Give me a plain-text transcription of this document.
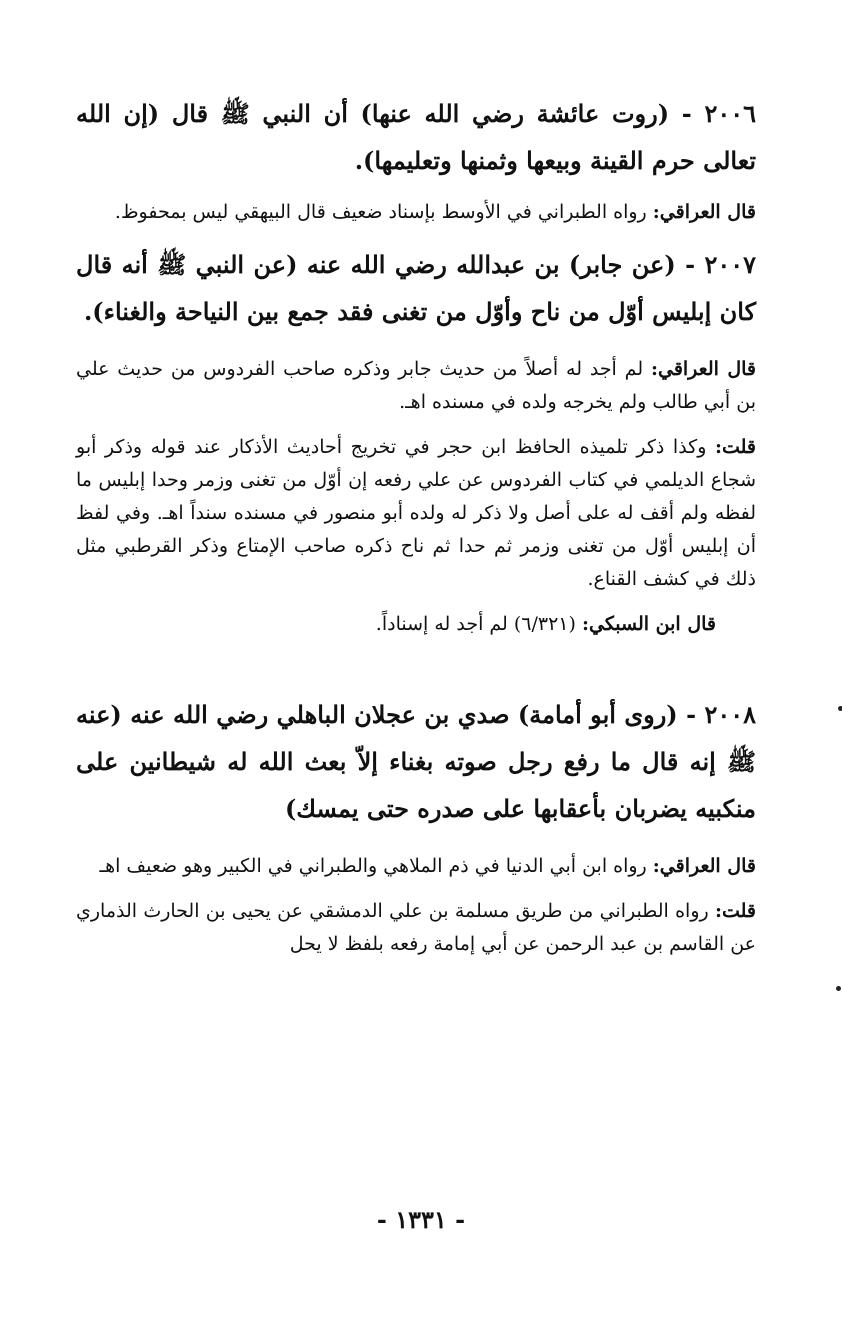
٢٠٠٦ - (روت عائشة رضي الله عنها) أن النبي ﷺ قال (إن الله تعالى حرم القينة وبيعها وثمنها وتعليمها).

قال العراقي: رواه الطبراني في الأوسط بإسناد ضعيف قال البيهقي ليس بمحفوظ.

٢٠٠٧ - (عن جابر) بن عبدالله رضي الله عنه (عن النبي ﷺ أنه قال كان إبليس أوّل من ناح وأوّل من تغنى فقد جمع بين النياحة والغناء).

قال العراقي: لم أجد له أصلاً من حديث جابر وذكره صاحب الفردوس من حديث علي بن أبي طالب ولم يخرجه ولده في مسنده اهـ.

قلت: وكذا ذكر تلميذه الحافظ ابن حجر في تخريج أحاديث الأذكار عند قوله وذكر أبو شجاع الديلمي في كتاب الفردوس عن علي رفعه إن أوّل من تغنى وزمر وحدا إبليس ما لفظه ولم أقف له على أصل ولا ذكر له ولده أبو منصور في مسنده سنداً اهـ. وفي لفظ أن إبليس أوّل من تغنى وزمر ثم حدا ثم ناح ذكره صاحب الإمتاع وذكر القرطبي مثل ذلك في كشف القناع.

قال ابن السبكي: (٦/٣٢١) لم أجد له إسناداً.

٢٠٠٨ - (روى أبو أمامة) صدي بن عجلان الباهلي رضي الله عنه (عنه ﷺ إنه قال ما رفع رجل صوته بغناء إلاّ بعث الله له شيطانين على منكبيه يضربان بأعقابها على صدره حتى يمسك)

قال العراقي: رواه ابن أبي الدنيا في ذم الملاهي والطبراني في الكبير وهو ضعيف اهـ

قلت: رواه الطبراني من طريق مسلمة بن علي الدمشقي عن يحيى بن الحارث الذماري عن القاسم بن عبد الرحمن عن أبي إمامة رفعه بلفظ لا يحل

- ١٣٣١ -
